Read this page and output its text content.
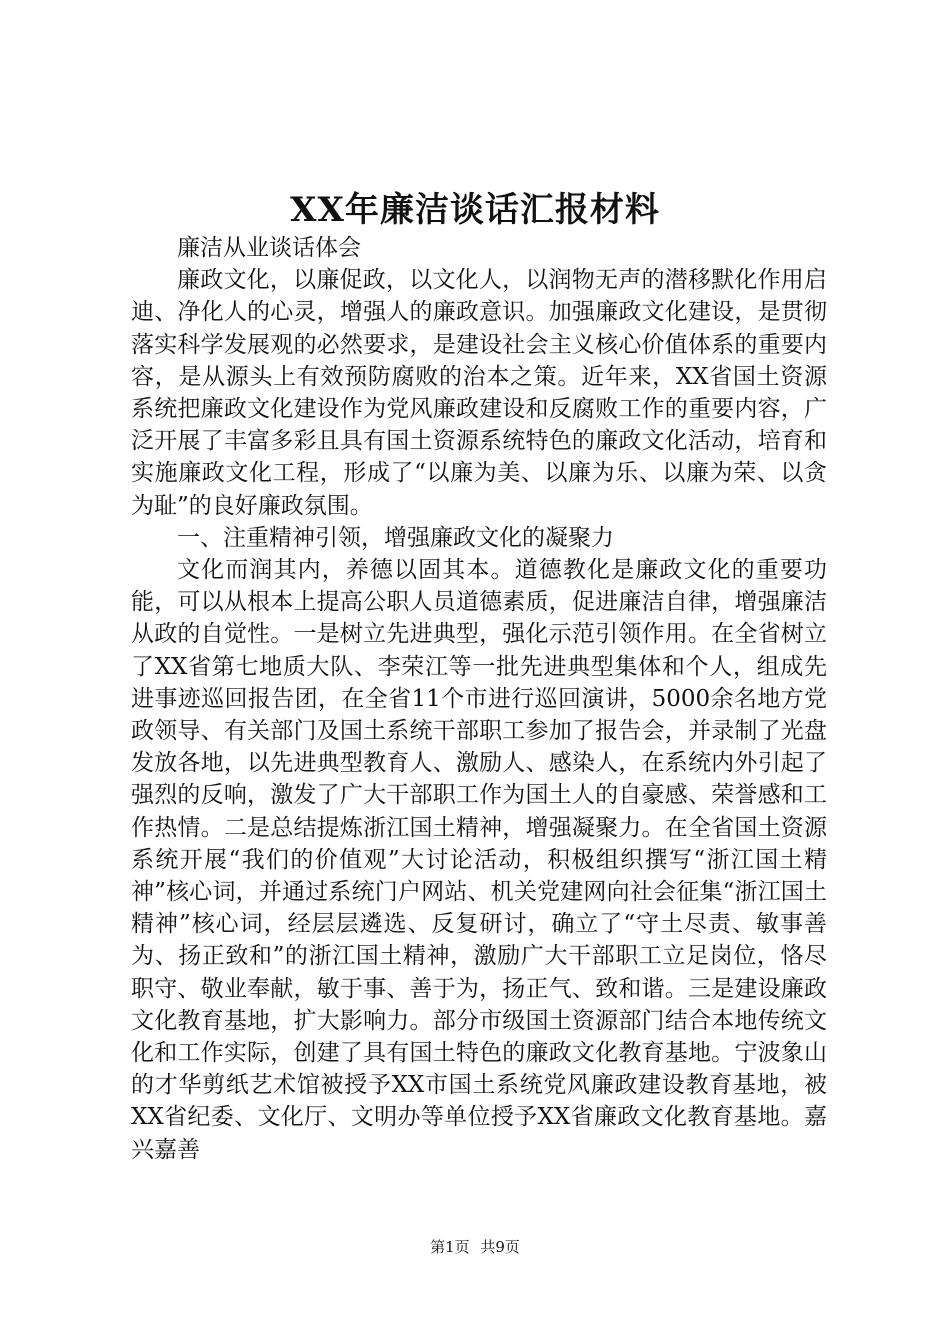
XX年廉洁谈话汇报材料

廉洁从业谈话体会

廉政文化，以廉促政，以文化人，以润物无声的潜移默化作用启迪、净化人的心灵，增强人的廉政意识。加强廉政文化建设，是贯彻落实科学发展观的必然要求，是建设社会主义核心价值体系的重要内容，是从源头上有效预防腐败的治本之策。近年来，XX省国土资源系统把廉政文化建设作为党风廉政建设和反腐败工作的重要内容，广泛开展了丰富多彩且具有国土资源系统特色的廉政文化活动，培育和实施廉政文化工程，形成了“以廉为美、以廉为乐、以廉为荣、以贪为耻”的良好廉政氛围。

一、注重精神引领，增强廉政文化的凝聚力

文化而润其内，养德以固其本。道德教化是廉政文化的重要功能，可以从根本上提高公职人员道德素质，促进廉洁自律，增强廉洁从政的自觉性。一是树立先进典型，强化示范引领作用。在全省树立了XX省第七地质大队、李荣江等一批先进典型集体和个人，组成先进事迹巡回报告团，在全省11个市进行巡回演讲，5000余名地方党政领导、有关部门及国土系统干部职工参加了报告会，并录制了光盘发放各地，以先进典型教育人、激励人、感染人，在系统内外引起了强烈的反响，激发了广大干部职工作为国土人的自豪感、荣誉感和工作热情。二是总结提炼浙江国土精神，增强凝聚力。在全省国土资源系统开展“我们的价值观”大讨论活动，积极组织撰写“浙江国土精神”核心词，并通过系统门户网站、机关党建网向社会征集“浙江国土精神”核心词，经层层遴选、反复研讨，确立了“守土尽责、敏事善为、扬正致和”的浙江国土精神，激励广大干部职工立足岗位，恪尽职守、敬业奉献，敏于事、善于为，扬正气、致和谐。三是建设廉政文化教育基地，扩大影响力。部分市级国土资源部门结合本地传统文化和工作实际，创建了具有国土特色的廉政文化教育基地。宁波象山的才华剪纸艺术馆被授予XX市国土系统党风廉政建设教育基地，被XX省纪委、文化厅、文明办等单位授予XX省廉政文化教育基地。嘉兴嘉善

第1页 共9页
